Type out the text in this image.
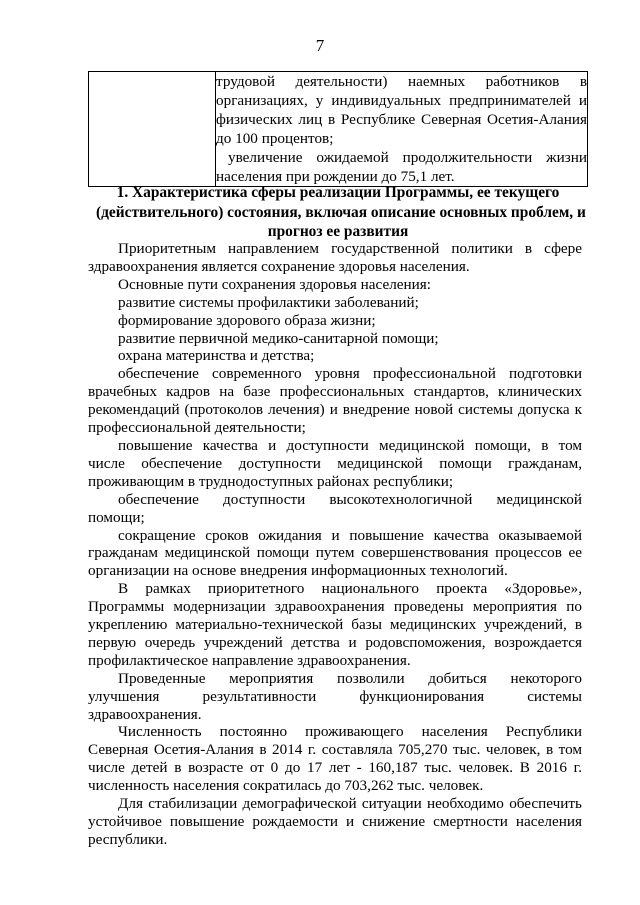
7

трудовой деятельности) наемных работников в
организациях, у индивидуальных предпринимателей и
физических лиц в Республике Северная Осетия-Алания
до 100 процентов;
увеличение ожидаемой продолжительности жизни
населения при рождении до 75,1 лет.
1. Характеристика сферы реализации Программы, ее текущего
(действительного) состояния, включая описание основных проблем, и
прогноз ее развития
Приоритетным направлением государственной политики в сфере
здравоохранения является сохранение здоровья населения.
Основные пути сохранения здоровья населения:
развитие системы профилактики заболеваний;
формирование здорового образа жизни;
развитие первичной медико-санитарной помощи;
охрана материнства и детства;
обеспечение современного уровня профессиональной подготовки
врачебных кадров на базе профессиональных стандартов, клинических
рекомендаций (протоколов лечения) и внедрение новой системы допуска к
профессиональной деятельности;
повышение качества и доступности медицинской помощи, в том
числе обеспечение доступности медицинской помощи гражданам,
проживающим в труднодоступных районах республики;
обеспечение доступности высокотехнологичной медицинской
помощи;
сокращение сроков ожидания и повышение качества оказываемой
гражданам медицинской помощи путем совершенствования процессов ее
организации на основе внедрения информационных технологий.
В рамках приоритетного национального проекта «Здоровье»,
Программы модернизации здравоохранения проведены мероприятия по
укреплению материально-технической базы медицинских учреждений, в
первую очередь учреждений детства и родовспоможения, возрождается
профилактическое направление здравоохранения.
Проведенные мероприятия позволили добиться некоторого
улучшения результативности функционирования системы
здравоохранения.
Численность постоянно проживающего населения Республики
Северная Осетия-Алания в 2014 г. составляла 705,270 тыс. человек, в том
числе детей в возрасте от 0 до 17 лет - 160,187 тыс. человек. В 2016 г.
численность населения сократилась до 703,262 тыс. человек.
Для стабилизации демографической ситуации необходимо обеспечить
устойчивое повышение рождаемости и снижение смертности населения
республики.
